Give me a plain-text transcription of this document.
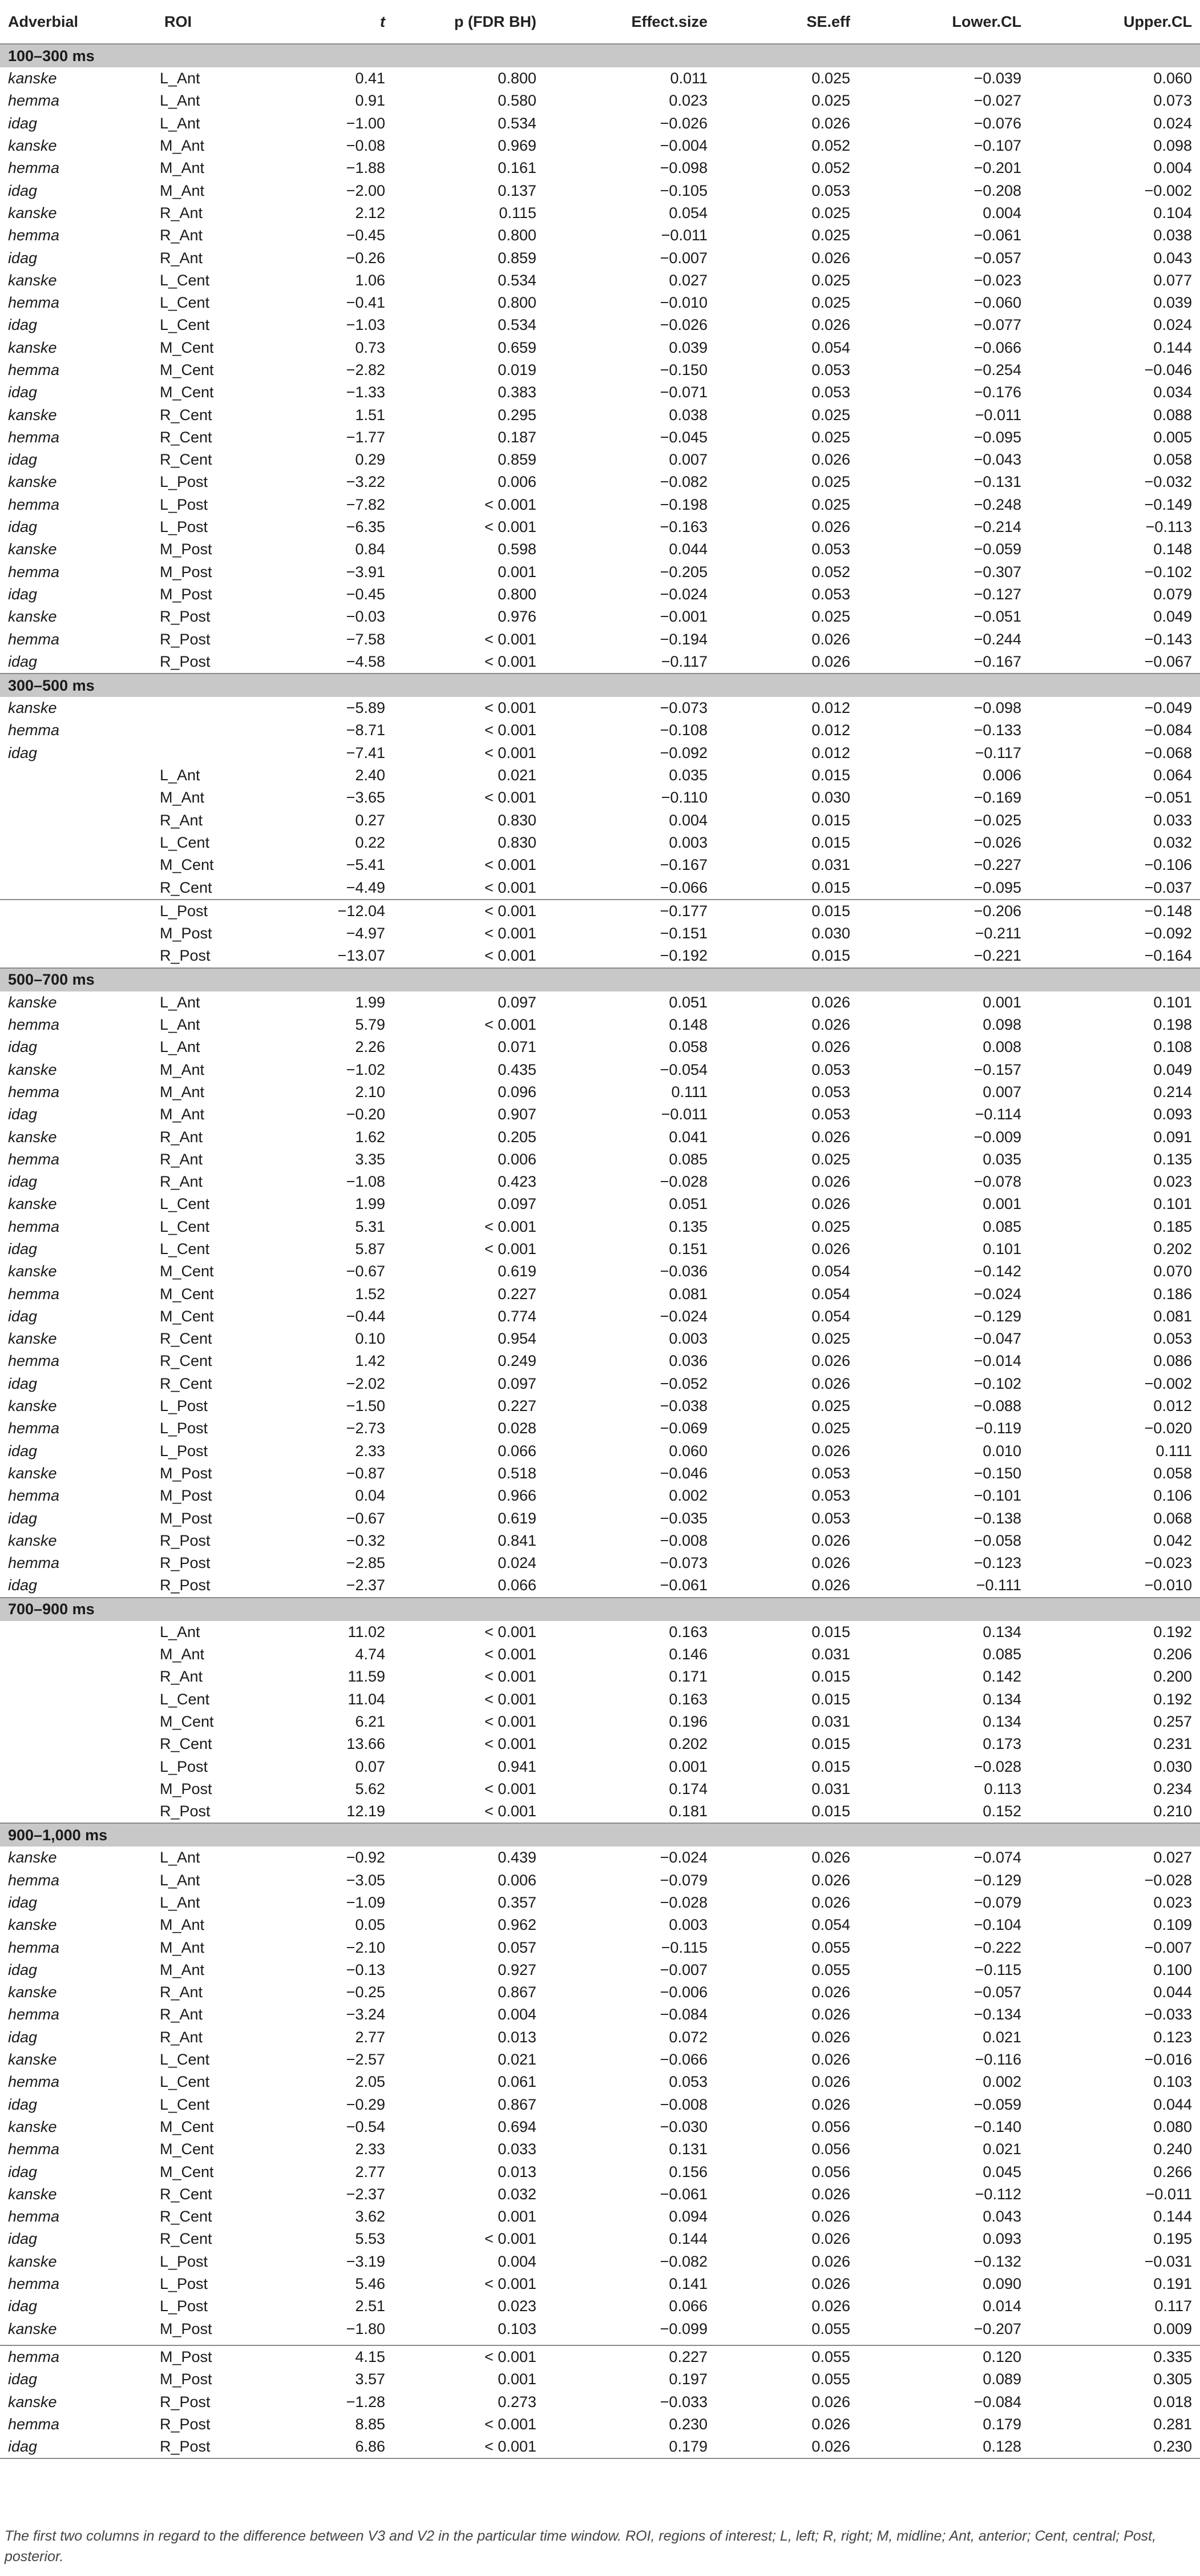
Adverbial	ROI	t	p (FDR BH)	Effect.size	SE.eff	Lower.CL	Upper.CL
100–300 ms							
kanske	L_Ant	0.41	0.800	0.011	0.025	−0.039	0.060
hemma	L_Ant	0.91	0.580	0.023	0.025	−0.027	0.073
idag	L_Ant	−1.00	0.534	−0.026	0.026	−0.076	0.024
kanske	M_Ant	−0.08	0.969	−0.004	0.052	−0.107	0.098
hemma	M_Ant	−1.88	0.161	−0.098	0.052	−0.201	0.004
idag	M_Ant	−2.00	0.137	−0.105	0.053	−0.208	−0.002
kanske	R_Ant	2.12	0.115	0.054	0.025	0.004	0.104
hemma	R_Ant	−0.45	0.800	−0.011	0.025	−0.061	0.038
idag	R_Ant	−0.26	0.859	−0.007	0.026	−0.057	0.043
kanske	L_Cent	1.06	0.534	0.027	0.025	−0.023	0.077
hemma	L_Cent	−0.41	0.800	−0.010	0.025	−0.060	0.039
idag	L_Cent	−1.03	0.534	−0.026	0.026	−0.077	0.024
kanske	M_Cent	0.73	0.659	0.039	0.054	−0.066	0.144
hemma	M_Cent	−2.82	0.019	−0.150	0.053	−0.254	−0.046
idag	M_Cent	−1.33	0.383	−0.071	0.053	−0.176	0.034
kanske	R_Cent	1.51	0.295	0.038	0.025	−0.011	0.088
hemma	R_Cent	−1.77	0.187	−0.045	0.025	−0.095	0.005
idag	R_Cent	0.29	0.859	0.007	0.026	−0.043	0.058
kanske	L_Post	−3.22	0.006	−0.082	0.025	−0.131	−0.032
hemma	L_Post	−7.82	< 0.001	−0.198	0.025	−0.248	−0.149
idag	L_Post	−6.35	< 0.001	−0.163	0.026	−0.214	−0.113
kanske	M_Post	0.84	0.598	0.044	0.053	−0.059	0.148
hemma	M_Post	−3.91	0.001	−0.205	0.052	−0.307	−0.102
idag	M_Post	−0.45	0.800	−0.024	0.053	−0.127	0.079
kanske	R_Post	−0.03	0.976	−0.001	0.025	−0.051	0.049
hemma	R_Post	−7.58	< 0.001	−0.194	0.026	−0.244	−0.143
idag	R_Post	−4.58	< 0.001	−0.117	0.026	−0.167	−0.067
300–500 ms							
kanske		−5.89	< 0.001	−0.073	0.012	−0.098	−0.049
hemma		−8.71	< 0.001	−0.108	0.012	−0.133	−0.084
idag		−7.41	< 0.001	−0.092	0.012	−0.117	−0.068
	L_Ant	2.40	0.021	0.035	0.015	0.006	0.064
	M_Ant	−3.65	< 0.001	−0.110	0.030	−0.169	−0.051
	R_Ant	0.27	0.830	0.004	0.015	−0.025	0.033
	L_Cent	0.22	0.830	0.003	0.015	−0.026	0.032
	M_Cent	−5.41	< 0.001	−0.167	0.031	−0.227	−0.106
	R_Cent	−4.49	< 0.001	−0.066	0.015	−0.095	−0.037
	L_Post	−12.04	< 0.001	−0.177	0.015	−0.206	−0.148
	M_Post	−4.97	< 0.001	−0.151	0.030	−0.211	−0.092
	R_Post	−13.07	< 0.001	−0.192	0.015	−0.221	−0.164
500–700 ms							
kanske	L_Ant	1.99	0.097	0.051	0.026	0.001	0.101
hemma	L_Ant	5.79	< 0.001	0.148	0.026	0.098	0.198
idag	L_Ant	2.26	0.071	0.058	0.026	0.008	0.108
kanske	M_Ant	−1.02	0.435	−0.054	0.053	−0.157	0.049
hemma	M_Ant	2.10	0.096	0.111	0.053	0.007	0.214
idag	M_Ant	−0.20	0.907	−0.011	0.053	−0.114	0.093
kanske	R_Ant	1.62	0.205	0.041	0.026	−0.009	0.091
hemma	R_Ant	3.35	0.006	0.085	0.025	0.035	0.135
idag	R_Ant	−1.08	0.423	−0.028	0.026	−0.078	0.023
kanske	L_Cent	1.99	0.097	0.051	0.026	0.001	0.101
hemma	L_Cent	5.31	< 0.001	0.135	0.025	0.085	0.185
idag	L_Cent	5.87	< 0.001	0.151	0.026	0.101	0.202
kanske	M_Cent	−0.67	0.619	−0.036	0.054	−0.142	0.070
hemma	M_Cent	1.52	0.227	0.081	0.054	−0.024	0.186
idag	M_Cent	−0.44	0.774	−0.024	0.054	−0.129	0.081
kanske	R_Cent	0.10	0.954	0.003	0.025	−0.047	0.053
hemma	R_Cent	1.42	0.249	0.036	0.026	−0.014	0.086
idag	R_Cent	−2.02	0.097	−0.052	0.026	−0.102	−0.002
kanske	L_Post	−1.50	0.227	−0.038	0.025	−0.088	0.012
hemma	L_Post	−2.73	0.028	−0.069	0.025	−0.119	−0.020
idag	L_Post	2.33	0.066	0.060	0.026	0.010	0.111
kanske	M_Post	−0.87	0.518	−0.046	0.053	−0.150	0.058
hemma	M_Post	0.04	0.966	0.002	0.053	−0.101	0.106
idag	M_Post	−0.67	0.619	−0.035	0.053	−0.138	0.068
kanske	R_Post	−0.32	0.841	−0.008	0.026	−0.058	0.042
hemma	R_Post	−2.85	0.024	−0.073	0.026	−0.123	−0.023
idag	R_Post	−2.37	0.066	−0.061	0.026	−0.111	−0.010
700–900 ms							
	L_Ant	11.02	< 0.001	0.163	0.015	0.134	0.192
	M_Ant	4.74	< 0.001	0.146	0.031	0.085	0.206
	R_Ant	11.59	< 0.001	0.171	0.015	0.142	0.200
	L_Cent	11.04	< 0.001	0.163	0.015	0.134	0.192
	M_Cent	6.21	< 0.001	0.196	0.031	0.134	0.257
	R_Cent	13.66	< 0.001	0.202	0.015	0.173	0.231
	L_Post	0.07	0.941	0.001	0.015	−0.028	0.030
	M_Post	5.62	< 0.001	0.174	0.031	0.113	0.234
	R_Post	12.19	< 0.001	0.181	0.015	0.152	0.210
900–1,000 ms							
kanske	L_Ant	−0.92	0.439	−0.024	0.026	−0.074	0.027
hemma	L_Ant	−3.05	0.006	−0.079	0.026	−0.129	−0.028
idag	L_Ant	−1.09	0.357	−0.028	0.026	−0.079	0.023
kanske	M_Ant	0.05	0.962	0.003	0.054	−0.104	0.109
hemma	M_Ant	−2.10	0.057	−0.115	0.055	−0.222	−0.007
idag	M_Ant	−0.13	0.927	−0.007	0.055	−0.115	0.100
kanske	R_Ant	−0.25	0.867	−0.006	0.026	−0.057	0.044
hemma	R_Ant	−3.24	0.004	−0.084	0.026	−0.134	−0.033
idag	R_Ant	2.77	0.013	0.072	0.026	0.021	0.123
kanske	L_Cent	−2.57	0.021	−0.066	0.026	−0.116	−0.016
hemma	L_Cent	2.05	0.061	0.053	0.026	0.002	0.103
idag	L_Cent	−0.29	0.867	−0.008	0.026	−0.059	0.044
kanske	M_Cent	−0.54	0.694	−0.030	0.056	−0.140	0.080
hemma	M_Cent	2.33	0.033	0.131	0.056	0.021	0.240
idag	M_Cent	2.77	0.013	0.156	0.056	0.045	0.266
kanske	R_Cent	−2.37	0.032	−0.061	0.026	−0.112	−0.011
hemma	R_Cent	3.62	0.001	0.094	0.026	0.043	0.144
idag	R_Cent	5.53	< 0.001	0.144	0.026	0.093	0.195
kanske	L_Post	−3.19	0.004	−0.082	0.026	−0.132	−0.031
hemma	L_Post	5.46	< 0.001	0.141	0.026	0.090	0.191
idag	L_Post	2.51	0.023	0.066	0.026	0.014	0.117
kanske	M_Post	−1.80	0.103	−0.099	0.055	−0.207	0.009

hemma	M_Post	4.15	< 0.001	0.227	0.055	0.120	0.335
idag	M_Post	3.57	0.001	0.197	0.055	0.089	0.305
kanske	R_Post	−1.28	0.273	−0.033	0.026	−0.084	0.018
hemma	R_Post	8.85	< 0.001	0.230	0.026	0.179	0.281
idag	R_Post	6.86	< 0.001	0.179	0.026	0.128	0.230
The first two columns in regard to the difference between V3 and V2 in the particular time window. ROI, regions of interest; L, left; R, right; M, midline; Ant, anterior; Cent, central; Post, posterior.
